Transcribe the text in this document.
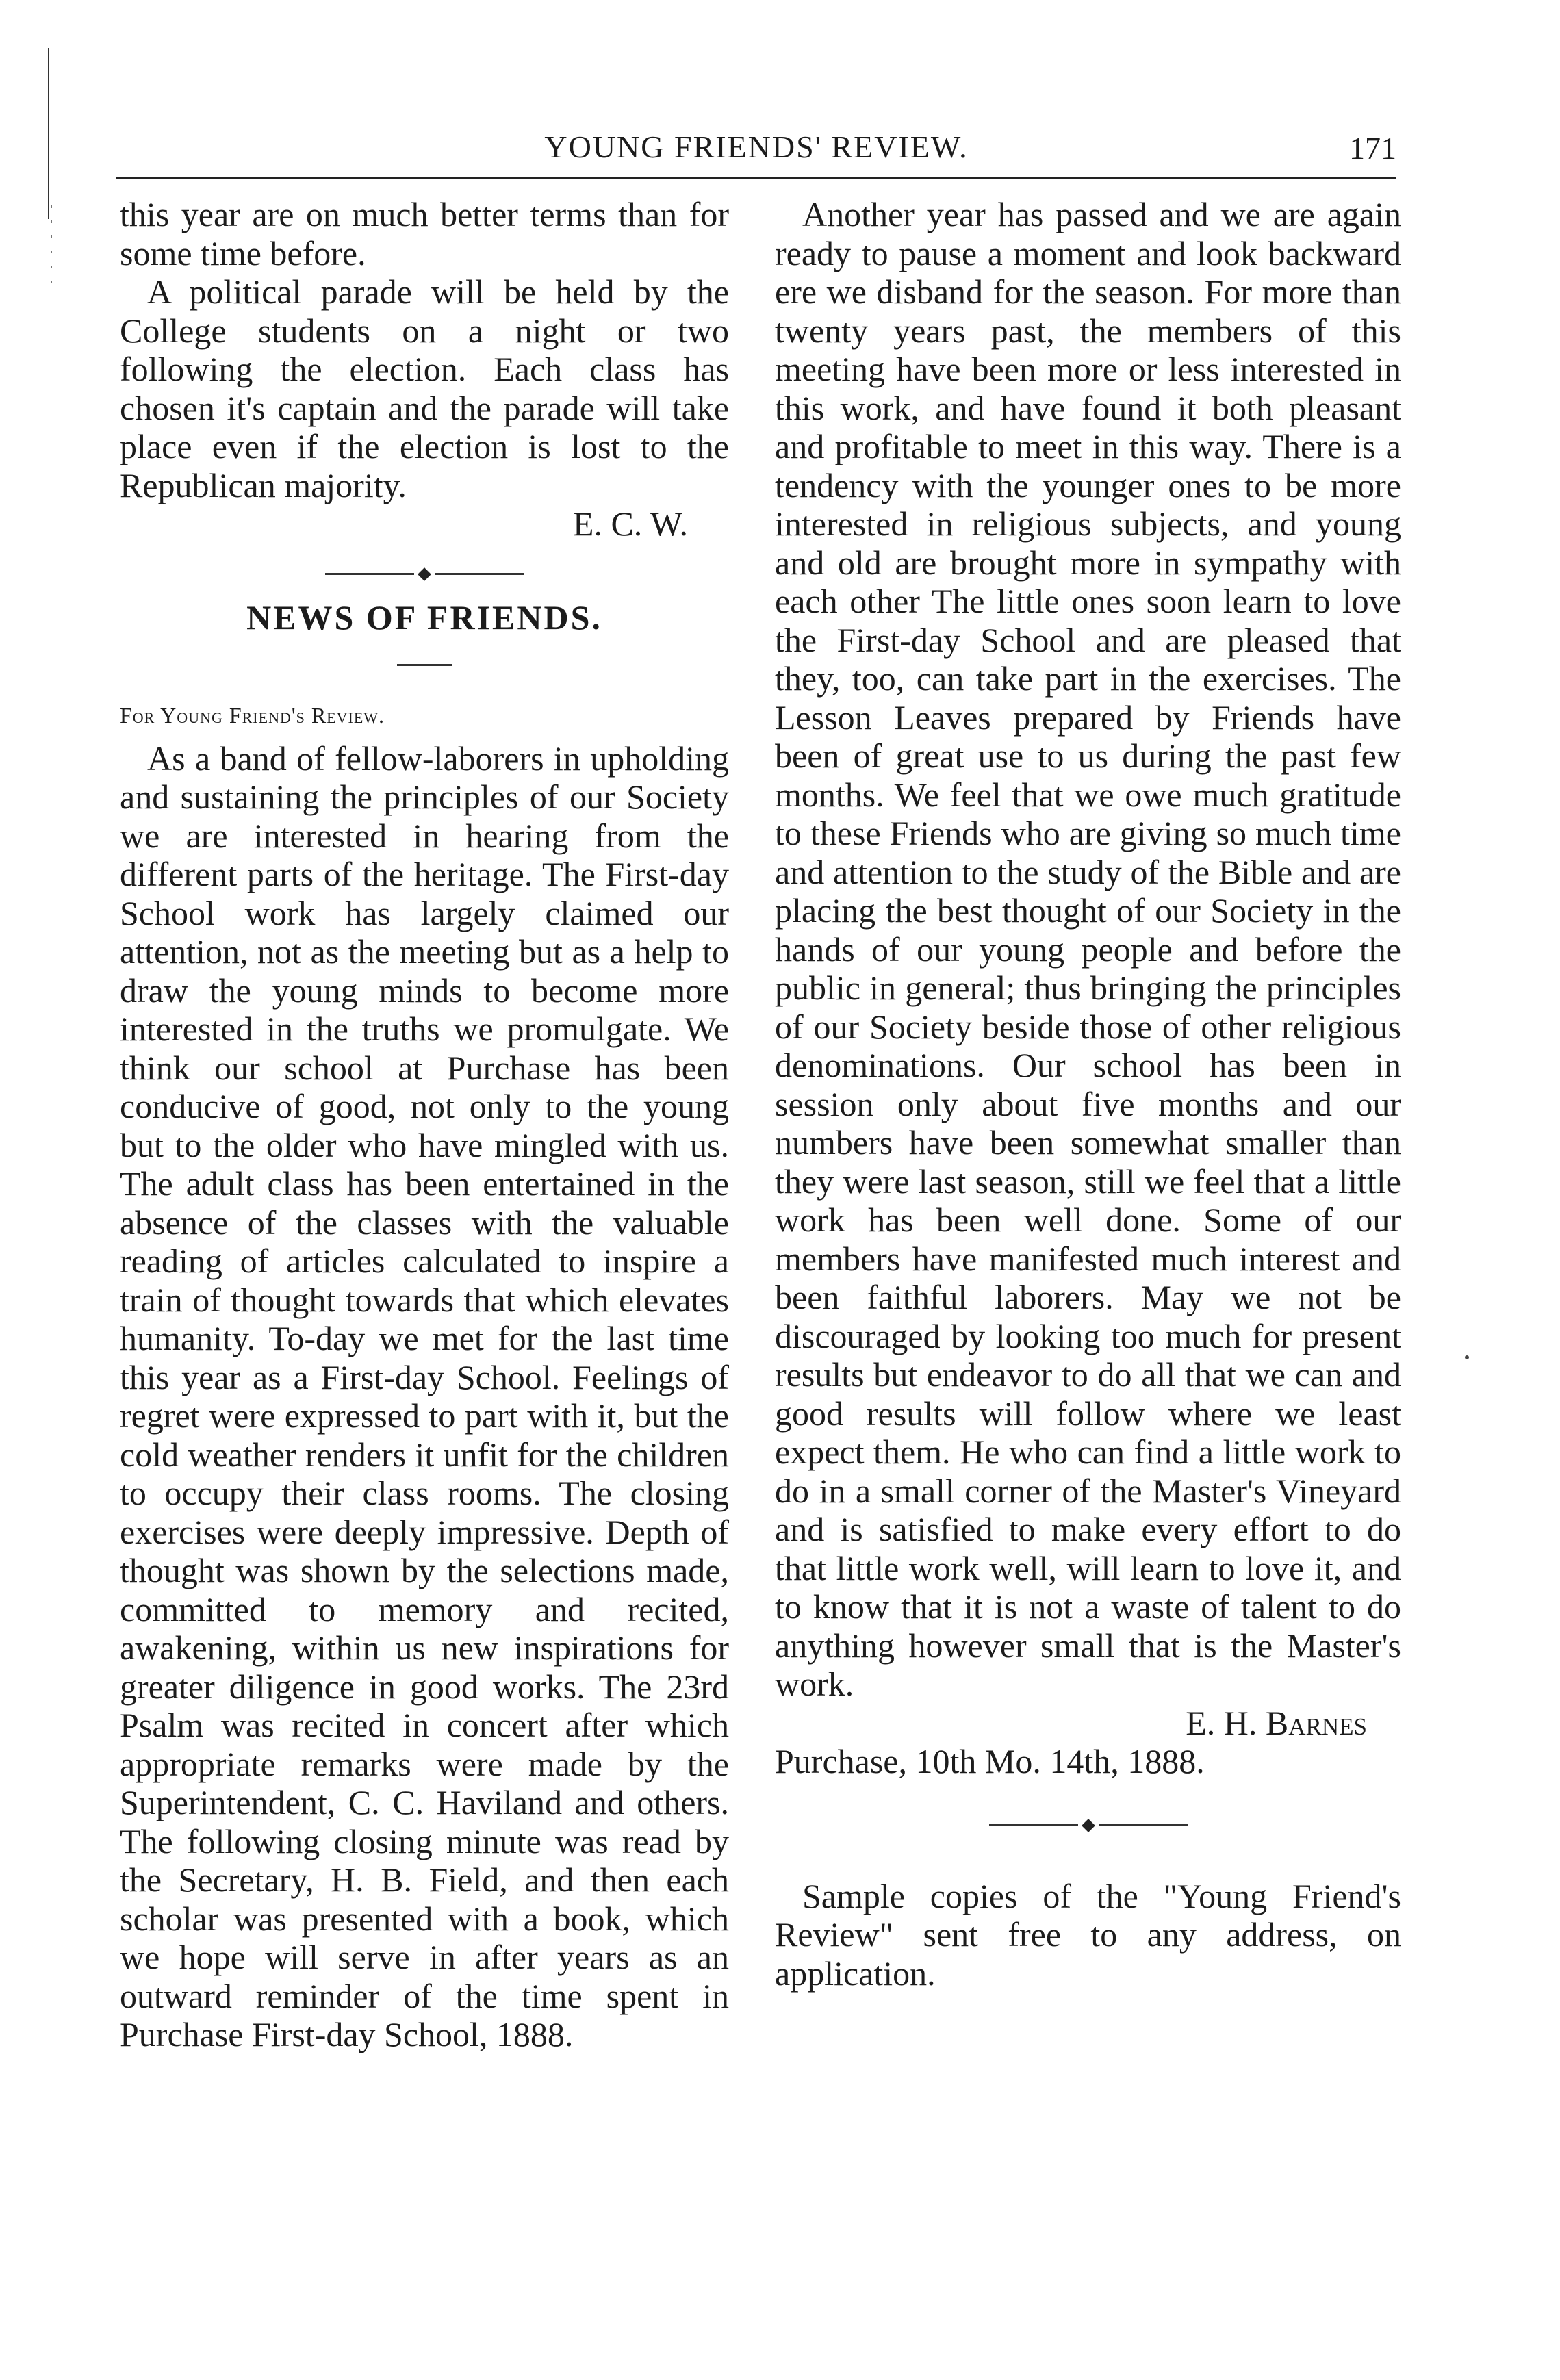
YOUNG FRIENDS' REVIEW.	171

this year are on much better terms than for some time before.

A political parade will be held by the College students on a night or two following the election. Each class has chosen it's captain and the parade will take place even if the election is lost to the Republican majority.

E. C. W.

NEWS OF FRIENDS.

For Young Friend's Review.

As a band of fellow-laborers in upholding and sustaining the principles of our Society we are interested in hearing from the different parts of the heritage. The First-day School work has largely claimed our attention, not as the meeting but as a help to draw the young minds to become more interested in the truths we promulgate. We think our school at Purchase has been conducive of good, not only to the young but to the older who have mingled with us. The adult class has been entertained in the absence of the classes with the valuable reading of articles calculated to inspire a train of thought towards that which elevates humanity. To-day we met for the last time this year as a First-day School. Feelings of regret were expressed to part with it, but the cold weather renders it unfit for the children to occupy their class rooms. The closing exercises were deeply impressive. Depth of thought was shown by the selections made, committed to memory and recited, awakening, within us new inspirations for greater diligence in good works. The 23rd Psalm was recited in concert after which appropriate remarks were made by the Superintendent, C. C. Haviland and others. The following closing minute was read by the Secretary, H. B. Field, and then each scholar was presented with a book, which we hope will serve in after years as an outward reminder of the time spent in Purchase First-day School, 1888.

Another year has passed and we are again ready to pause a moment and look backward ere we disband for the season. For more than twenty years past, the members of this meeting have been more or less interested in this work, and have found it both pleasant and profitable to meet in this way. There is a tendency with the younger ones to be more interested in religious subjects, and young and old are brought more in sympathy with each other The little ones soon learn to love the First-day School and are pleased that they, too, can take part in the exercises. The Lesson Leaves prepared by Friends have been of great use to us during the past few months. We feel that we owe much gratitude to these Friends who are giving so much time and attention to the study of the Bible and are placing the best thought of our Society in the hands of our young people and before the public in general; thus bringing the principles of our Society beside those of other religious denominations. Our school has been in session only about five months and our numbers have been somewhat smaller than they were last season, still we feel that a little work has been well done. Some of our members have manifested much interest and been faithful laborers. May we not be discouraged by looking too much for present results but endeavor to do all that we can and good results will follow where we least expect them. He who can find a little work to do in a small corner of the Master's Vineyard and is satisfied to make every effort to do that little work well, will learn to love it, and to know that it is not a waste of talent to do anything however small that is the Master's work.

E. H. Barnes

Purchase, 10th Mo. 14th, 1888.

Sample copies of the "Young Friend's Review" sent free to any address, on application.
